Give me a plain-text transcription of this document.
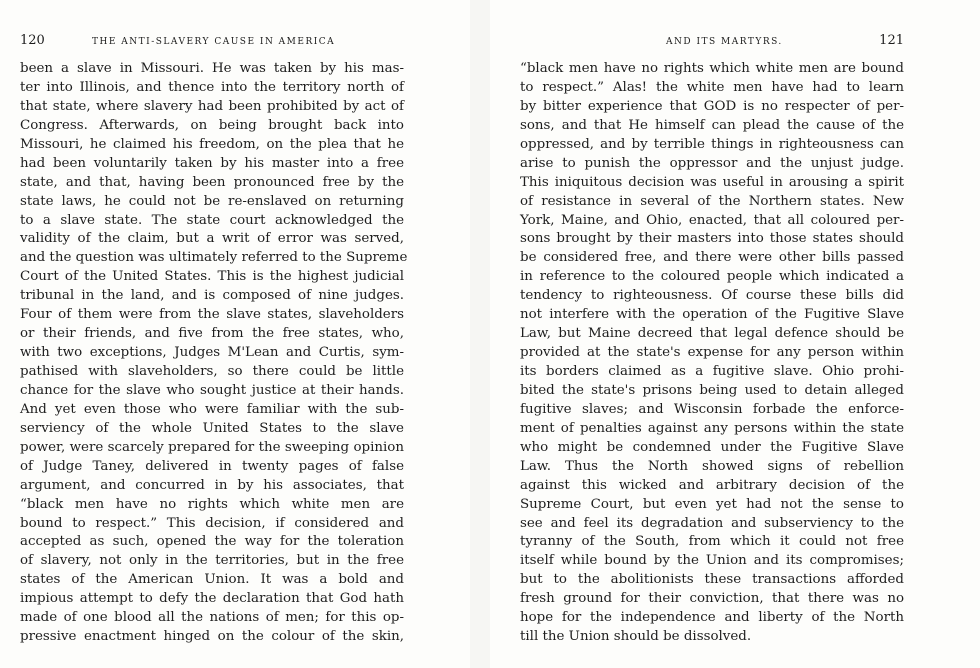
120	THE ANTI-SLAVERY CAUSE IN AMERICA
been a slave in Missouri. He was taken by his mas-
ter into Illinois, and thence into the territory north of
that state, where slavery had been prohibited by act of
Congress. Afterwards, on being brought back into
Missouri, he claimed his freedom, on the plea that he
had been voluntarily taken by his master into a free
state, and that, having been pronounced free by the
state laws, he could not be re-enslaved on returning
to a slave state. The state court acknowledged the
validity of the claim, but a writ of error was served,
and the question was ultimately referred to the Supreme
Court of the United States. This is the highest judicial
tribunal in the land, and is composed of nine judges.
Four of them were from the slave states, slaveholders
or their friends, and five from the free states, who,
with two exceptions, Judges M'Lean and Curtis, sym-
pathised with slaveholders, so there could be little
chance for the slave who sought justice at their hands.
And yet even those who were familiar with the sub-
serviency of the whole United States to the slave
power, were scarcely prepared for the sweeping opinion
of Judge Taney, delivered in twenty pages of false
argument, and concurred in by his associates, that
“black men have no rights which white men are
bound to respect.” This decision, if considered and
accepted as such, opened the way for the toleration
of slavery, not only in the territories, but in the free
states of the American Union. It was a bold and
impious attempt to defy the declaration that God hath
made of one blood all the nations of men; for this op-
pressive enactment hinged on the colour of the skin,
AND ITS MARTYRS.	121
“black men have no rights which white men are bound
to respect.” Alas! the white men have had to learn
by bitter experience that GOD is no respecter of per-
sons, and that He himself can plead the cause of the
oppressed, and by terrible things in righteousness can
arise to punish the oppressor and the unjust judge.
This iniquitous decision was useful in arousing a spirit
of resistance in several of the Northern states. New
York, Maine, and Ohio, enacted, that all coloured per-
sons brought by their masters into those states should
be considered free, and there were other bills passed
in reference to the coloured people which indicated a
tendency to righteousness. Of course these bills did
not interfere with the operation of the Fugitive Slave
Law, but Maine decreed that legal defence should be
provided at the state's expense for any person within
its borders claimed as a fugitive slave. Ohio prohi-
bited the state's prisons being used to detain alleged
fugitive slaves; and Wisconsin forbade the enforce-
ment of penalties against any persons within the state
who might be condemned under the Fugitive Slave
Law. Thus the North showed signs of rebellion
against this wicked and arbitrary decision of the
Supreme Court, but even yet had not the sense to
see and feel its degradation and subserviency to the
tyranny of the South, from which it could not free
itself while bound by the Union and its compromises;
but to the abolitionists these transactions afforded
fresh ground for their conviction, that there was no
hope for the independence and liberty of the North
till the Union should be dissolved.
